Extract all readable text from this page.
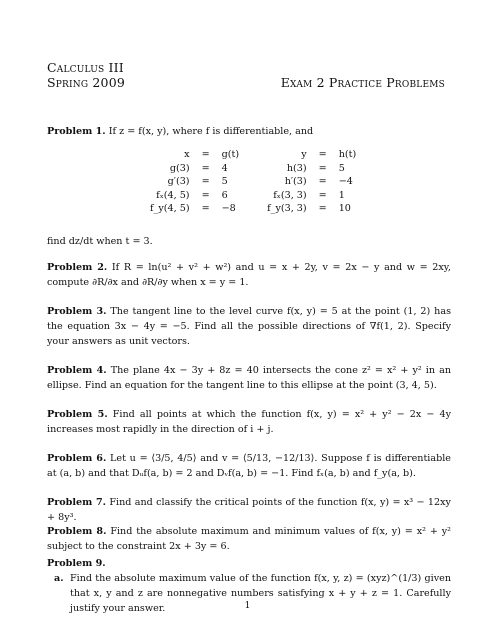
Calculus III
Spring 2009	Exam 2 Practice Problems
Problem 1. If z = f(x, y), where f is differentiable, and
x	=	g(t)	y	=	h(t)
g(3)	=	4	h(3)	=	5
g′(3)	=	5	h′(3)	=	−4
fₓ(4, 5)	=	6	fₓ(3, 3)	=	1
f_y(4, 5)	=	−8	f_y(3, 3)	=	10
find dz/dt when t = 3.
Problem 2. If R = ln(u² + v² + w²) and u = x + 2y, v = 2x − y and w = 2xy, compute ∂R/∂x and ∂R/∂y when x = y = 1.
Problem 3. The tangent line to the level curve f(x, y) = 5 at the point (1, 2) has the equation 3x − 4y = −5. Find all the possible directions of ∇f(1, 2). Specify your answers as unit vectors.
Problem 4. The plane 4x − 3y + 8z = 40 intersects the cone z² = x² + y² in an ellipse. Find an equation for the tangent line to this ellipse at the point (3, 4, 5).
Problem 5. Find all points at which the function f(x, y) = x² + y² − 2x − 4y increases most rapidly in the direction of i + j.
Problem 6. Let u = ⟨3/5, 4/5⟩ and v = ⟨5/13, −12/13⟩. Suppose f is differentiable at (a, b) and that Dᵤf(a, b) = 2 and Dᵥf(a, b) = −1. Find fₓ(a, b) and f_y(a, b).
Problem 7. Find and classify the critical points of the function f(x, y) = x³ − 12xy + 8y³.
Problem 8. Find the absolute maximum and minimum values of f(x, y) = x² + y² subject to the constraint 2x + 3y = 6.
Problem 9.
a. Find the absolute maximum value of the function f(x, y, z) = (xyz)^(1/3) given that x, y and z are nonnegative numbers satisfying x + y + z = 1. Carefully justify your answer.	1
